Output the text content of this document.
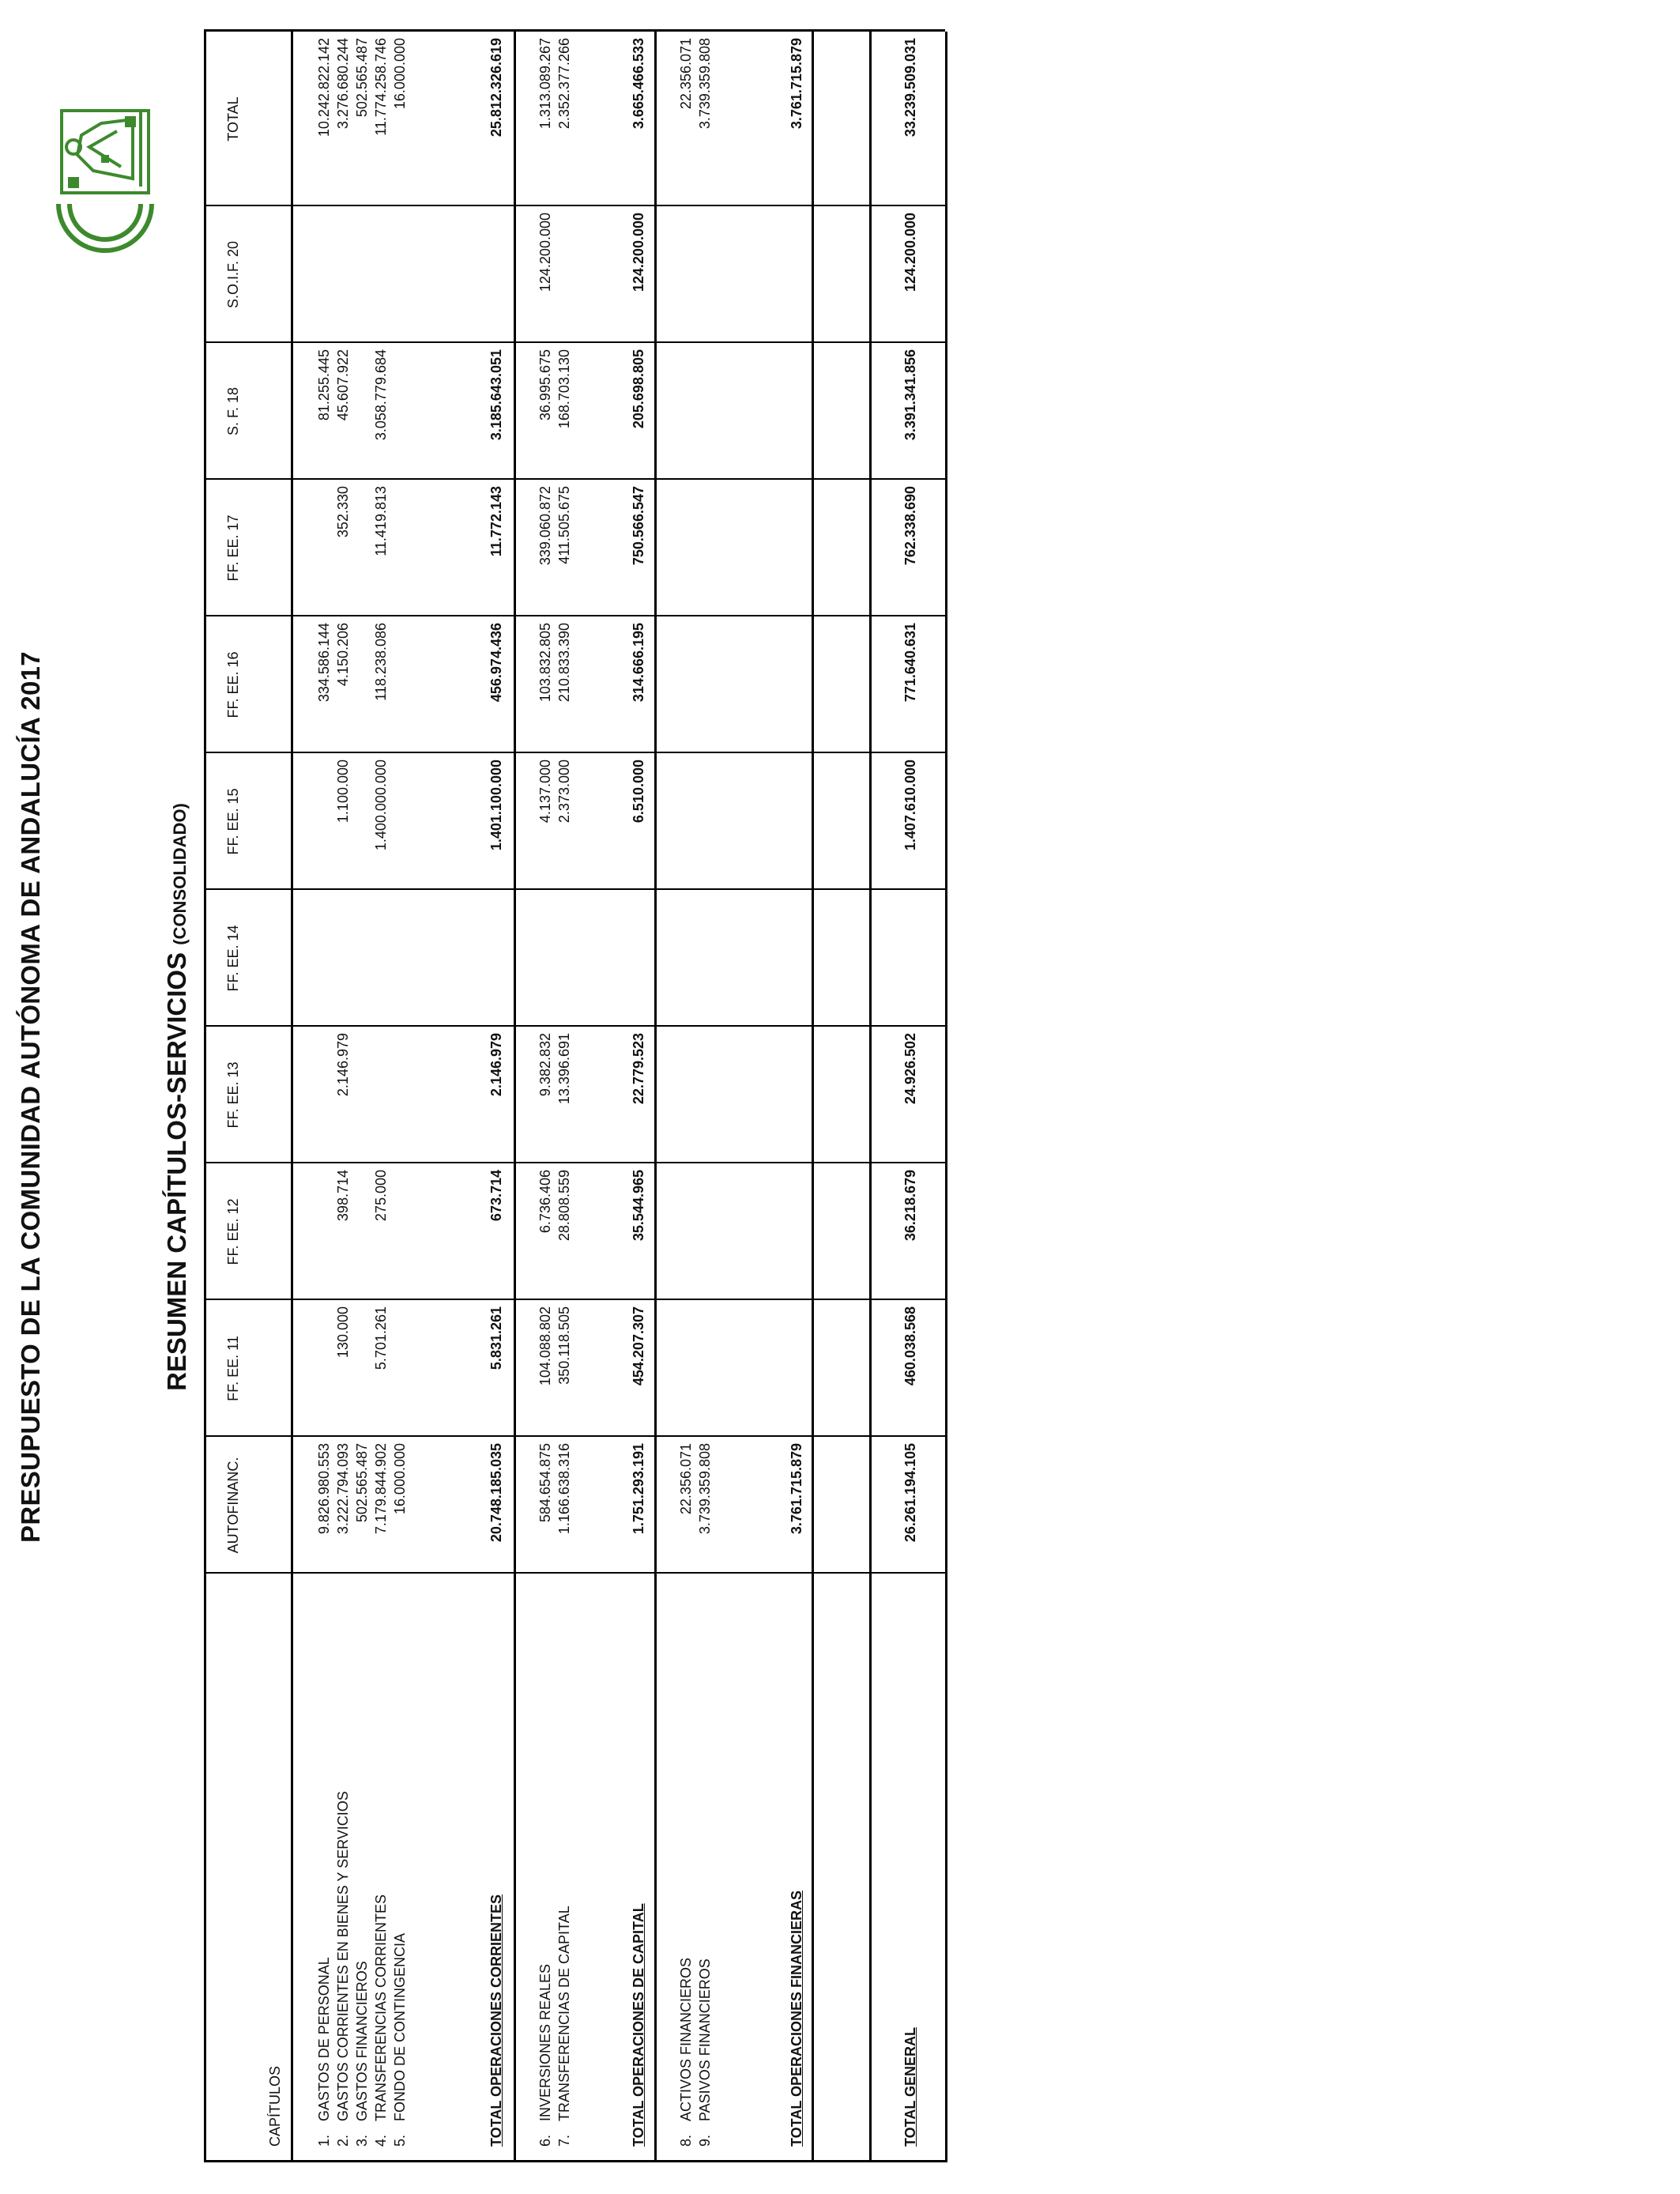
PRESUPUESTO DE LA COMUNIDAD AUTÓNOMA DE ANDALUCÍA 2017	RESUMEN CAPÍTULOS-SERVICIOS (CONSOLIDADO)
CAPÍTULOS
AUTOFINANC.
FF. EE. 11
FF. EE. 12
FF. EE. 13
FF. EE. 14
FF. EE. 15
FF. EE. 16
FF. EE. 17
S. F. 18
S.O.I.F. 20
TOTAL
1.GASTOS DE PERSONAL
9.826.980.553
334.586.144
81.255.445
10.242.822.142
2.GASTOS CORRIENTES EN BIENES Y SERVICIOS
3.222.794.093
130.000
398.714
2.146.979
1.100.000
4.150.206
352.330
45.607.922
3.276.680.244
3.GASTOS FINANCIEROS
502.565.487
502.565.487
4.TRANSFERENCIAS CORRIENTES
7.179.844.902
5.701.261
275.000
1.400.000.000
118.238.086
11.419.813
3.058.779.684
11.774.258.746
5.FONDO DE CONTINGENCIA
16.000.000
16.000.000
TOTAL OPERACIONES CORRIENTES
20.748.185.035
5.831.261
673.714
2.146.979
1.401.100.000
456.974.436
11.772.143
3.185.643.051
25.812.326.619
6.INVERSIONES REALES
584.654.875
104.088.802
6.736.406
9.382.832
4.137.000
103.832.805
339.060.872
36.995.675
124.200.000
1.313.089.267
7.TRANSFERENCIAS DE CAPITAL
1.166.638.316
350.118.505
28.808.559
13.396.691
2.373.000
210.833.390
411.505.675
168.703.130
2.352.377.266
TOTAL OPERACIONES DE CAPITAL
1.751.293.191
454.207.307
35.544.965
22.779.523
6.510.000
314.666.195
750.566.547
205.698.805
124.200.000
3.665.466.533
8.ACTIVOS FINANCIEROS
22.356.071
22.356.071
9.PASIVOS FINANCIEROS
3.739.359.808
3.739.359.808
TOTAL OPERACIONES FINANCIERAS
3.761.715.879
3.761.715.879
TOTAL GENERAL
26.261.194.105
460.038.568
36.218.679
24.926.502
1.407.610.000
771.640.631
762.338.690
3.391.341.856
124.200.000
33.239.509.031
